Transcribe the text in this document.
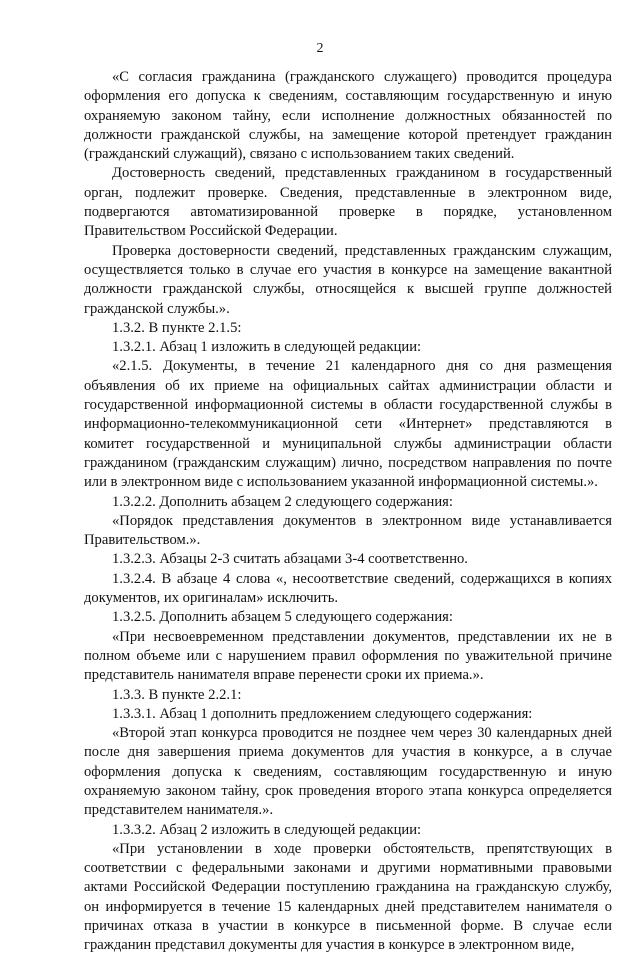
2

«С согласия гражданина (гражданского служащего) проводится процедура оформления его допуска к сведениям, составляющим государственную и иную охраняемую законом тайну, если исполнение должностных обязанностей по должности гражданской службы, на замещение которой претендует гражданин (гражданский служащий), связано с использованием таких сведений.

Достоверность сведений, представленных гражданином в государственный орган, подлежит проверке. Сведения, представленные в электронном виде, подвергаются автоматизированной проверке в порядке, установленном Правительством Российской Федерации.

Проверка достоверности сведений, представленных гражданским служащим, осуществляется только в случае его участия в конкурсе на замещение вакантной должности гражданской службы, относящейся к высшей группе должностей гражданской службы.».

1.3.2. В пункте 2.1.5:

1.3.2.1. Абзац 1 изложить в следующей редакции:

«2.1.5. Документы, в течение 21 календарного дня со дня размещения объявления об их приеме на официальных сайтах администрации области и государственной информационной системы в области государственной службы в информационно-телекоммуникационной сети «Интернет» представляются в комитет государственной и муниципальной службы администрации области гражданином (гражданским служащим) лично, посредством направления по почте или в электронном виде с использованием указанной информационной системы.».

1.3.2.2. Дополнить абзацем 2 следующего содержания:

«Порядок представления документов в электронном виде устанавливается Правительством.».

1.3.2.3. Абзацы 2-3 считать абзацами 3-4 соответственно.

1.3.2.4. В абзаце 4 слова «, несоответствие сведений, содержащихся в копиях документов, их оригиналам» исключить.

1.3.2.5. Дополнить абзацем 5 следующего содержания:

«При несвоевременном представлении документов, представлении их не в полном объеме или с нарушением правил оформления по уважительной причине представитель нанимателя вправе перенести сроки их приема.».

1.3.3. В пункте 2.2.1:

1.3.3.1. Абзац 1 дополнить предложением следующего содержания:

«Второй этап конкурса проводится не позднее чем через 30 календарных дней после дня завершения приема документов для участия в конкурсе, а в случае оформления допуска к сведениям, составляющим государственную и иную охраняемую законом тайну, срок проведения второго этапа конкурса определяется представителем нанимателя.».

1.3.3.2. Абзац 2 изложить в следующей редакции:

«При установлении в ходе проверки обстоятельств, препятствующих в соответствии с федеральными законами и другими нормативными правовыми актами Российской Федерации поступлению гражданина на гражданскую службу, он информируется в течение 15 календарных дней представителем нанимателя о причинах отказа в участии в конкурсе в письменной форме. В случае если гражданин представил документы для участия в конкурсе в электронном виде,
